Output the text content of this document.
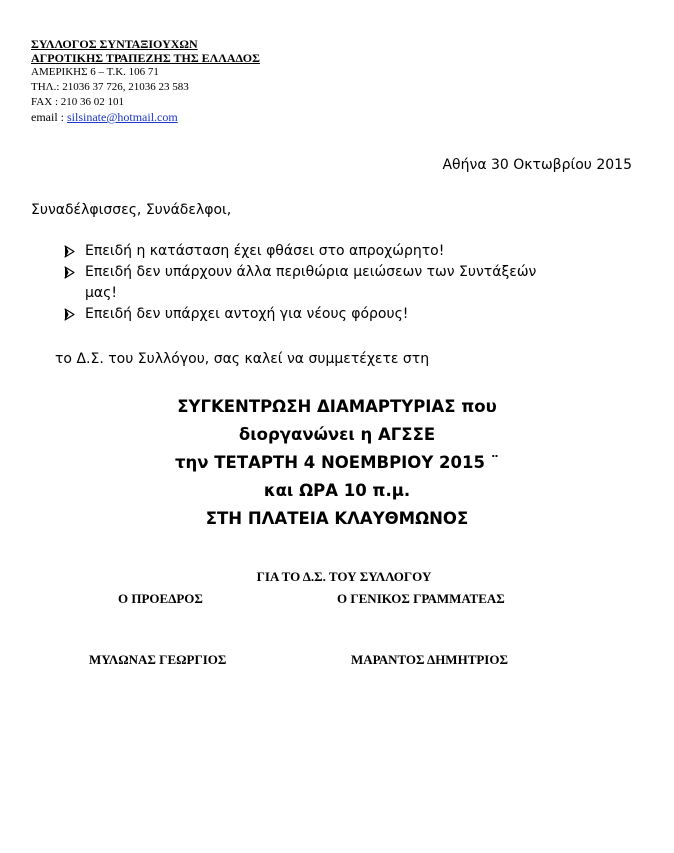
ΣΥΛΛΟΓΟΣ ΣΥΝΤΑΞΙΟΥΧΩΝ
ΑΓΡΟΤΙΚΗΣ ΤΡΑΠΕΖΗΣ ΤΗΣ ΕΛΛΑΔΟΣ
ΑΜΕΡΙΚΗΣ 6 – Τ.Κ. 106 71
ΤΗΛ.: 21036 37 726, 21036 23 583
FAX : 210 36 02 101
email : silsinate@hotmail.com
Αθήνα 30 Οκτωβρίου 2015
Συναδέλφισσες, Συνάδελφοι,
Επειδή η κατάσταση έχει φθάσει στο απροχώρητο!
Επειδή δεν υπάρχουν άλλα περιθώρια μειώσεων των Συντάξεών μας!
Επειδή δεν υπάρχει αντοχή για νέους φόρους!
το Δ.Σ. του Συλλόγου, σας καλεί να συμμετέχετε στη
ΣΥΓΚΕΝΤΡΩΣΗ ΔΙΑΜΑΡΤΥΡΙΑΣ που
διοργανώνει η ΑΓΣΣΕ
την ΤΕΤΑΡΤΗ 4 ΝΟΕΜΒΡΙΟΥ 2015 ¨
και ΩΡΑ 10 π.μ.
ΣΤΗ ΠΛΑΤΕΙΑ ΚΛΑΥΘΜΩΝΟΣ
ΓΙΑ ΤΟ Δ.Σ. ΤΟΥ ΣΥΛΛΟΓΟΥ
Ο ΠΡΟΕΔΡΟΣ	Ο ΓΕΝΙΚΟΣ ΓΡΑΜΜΑΤΕΑΣ
ΜΥΛΩΝΑΣ ΓΕΩΡΓΙΟΣ	ΜΑΡΑΝΤΟΣ ΔΗΜΗΤΡΙΟΣ
